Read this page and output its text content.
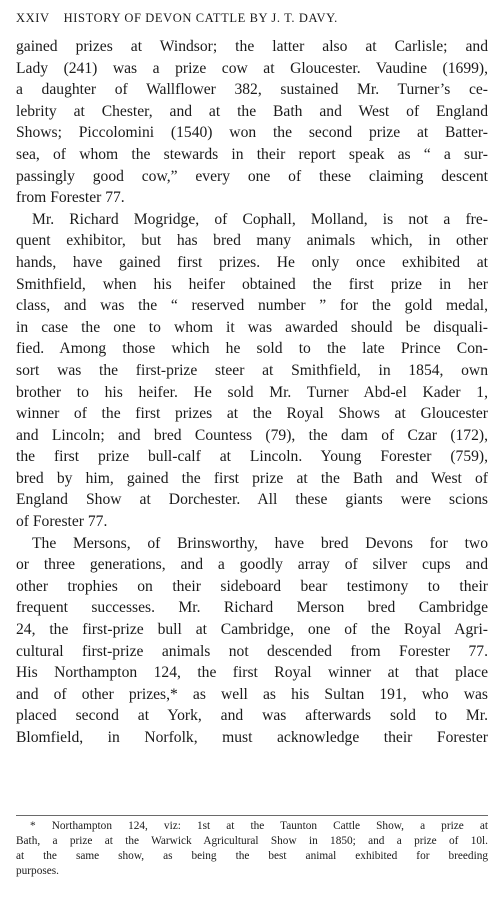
XXIV HISTORY OF DEVON CATTLE BY J. T. DAVY.

gained prizes at Windsor; the latter also at Carlisle; and

Lady (241) was a prize cow at Gloucester. Vaudine (1699),

a daughter of Wallflower 382, sustained Mr. Turner’s ce-

lebrity at Chester, and at the Bath and West of England

Shows; Piccolomini (1540) won the second prize at Batter-

sea, of whom the stewards in their report speak as “ a sur-

passingly good cow,” every one of these claiming descent

from Forester 77.

Mr. Richard Mogridge, of Cophall, Molland, is not a fre-

quent exhibitor, but has bred many animals which, in other

hands, have gained first prizes. He only once exhibited at

Smithfield, when his heifer obtained the first prize in her

class, and was the “ reserved number ” for the gold medal,

in case the one to whom it was awarded should be disquali-

fied. Among those which he sold to the late Prince Con-

sort was the first-prize steer at Smithfield, in 1854, own

brother to his heifer. He sold Mr. Turner Abd-el Kader 1,

winner of the first prizes at the Royal Shows at Gloucester

and Lincoln; and bred Countess (79), the dam of Czar (172),

the first prize bull-calf at Lincoln. Young Forester (759),

bred by him, gained the first prize at the Bath and West of

England Show at Dorchester. All these giants were scions

of Forester 77.

The Mersons, of Brinsworthy, have bred Devons for two

or three generations, and a goodly array of silver cups and

other trophies on their sideboard bear testimony to their

frequent successes. Mr. Richard Merson bred Cambridge

24, the first-prize bull at Cambridge, one of the Royal Agri-

cultural first-prize animals not descended from Forester 77.

His Northampton 124, the first Royal winner at that place

and of other prizes,* as well as his Sultan 191, who was

placed second at York, and was afterwards sold to Mr.

Blomfield, in Norfolk, must acknowledge their Forester

* Northampton 124, viz: 1st at the Taunton Cattle Show, a prize at

Bath, a prize at the Warwick Agricultural Show in 1850; and a prize of 10l.

at the same show, as being the best animal exhibited for breeding

purposes.
